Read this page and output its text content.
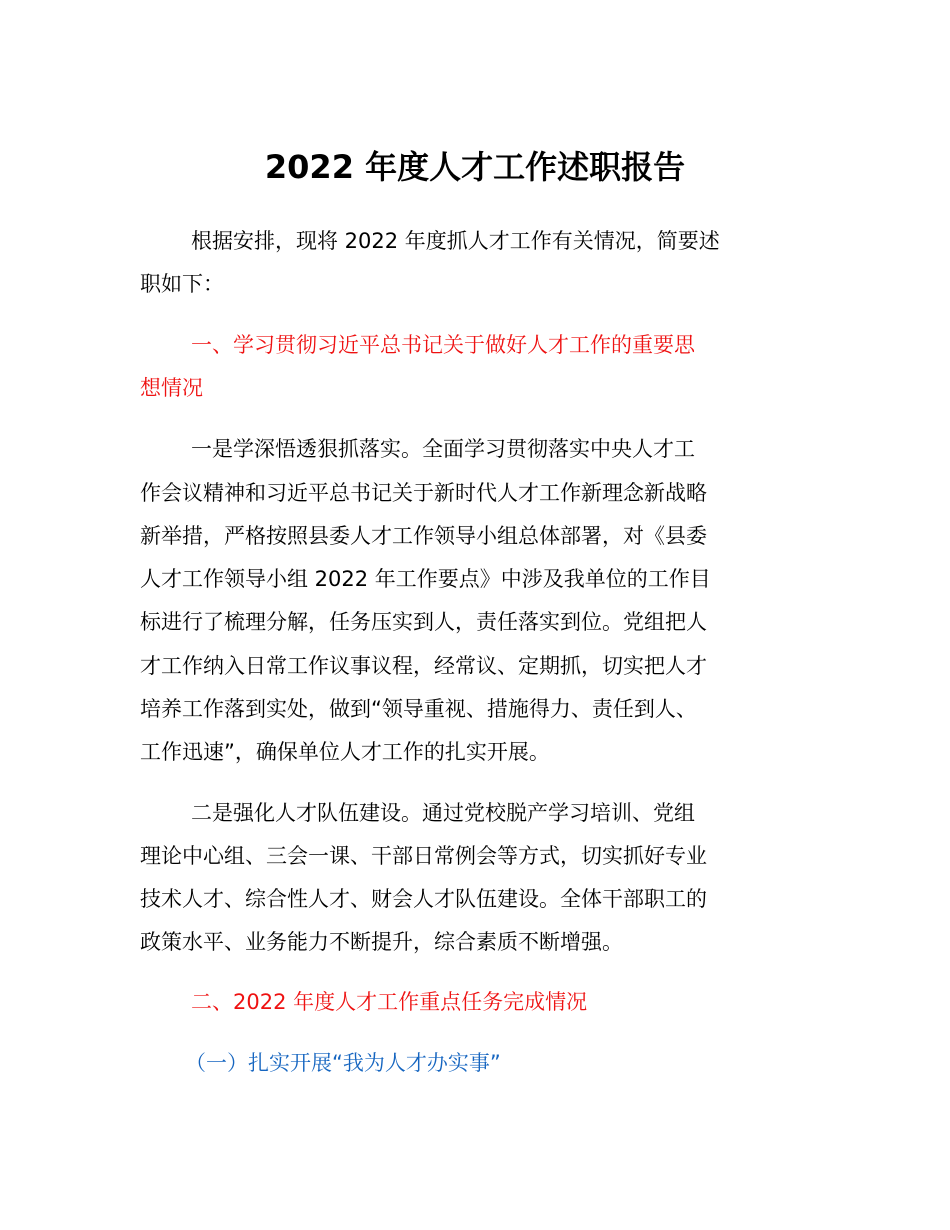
2022 年度人才工作述职报告

根据安排，现将 2022 年度抓人才工作有关情况，简要述

职如下：

一、学习贯彻习近平总书记关于做好人才工作的重要思

想情况

一是学深悟透狠抓落实。全面学习贯彻落实中央人才工

作会议精神和习近平总书记关于新时代人才工作新理念新战略

新举措，严格按照县委人才工作领导小组总体部署，对《县委

人才工作领导小组 2022 年工作要点》中涉及我单位的工作目

标进行了梳理分解，任务压实到人，责任落实到位。党组把人

才工作纳入日常工作议事议程，经常议、定期抓，切实把人才

培养工作落到实处，做到“领导重视、措施得力、责任到人、

工作迅速”，确保单位人才工作的扎实开展。

二是强化人才队伍建设。通过党校脱产学习培训、党组

理论中心组、三会一课、干部日常例会等方式，切实抓好专业

技术人才、综合性人才、财会人才队伍建设。全体干部职工的

政策水平、业务能力不断提升，综合素质不断增强。

二、2022 年度人才工作重点任务完成情况

（一）扎实开展“我为人才办实事”
